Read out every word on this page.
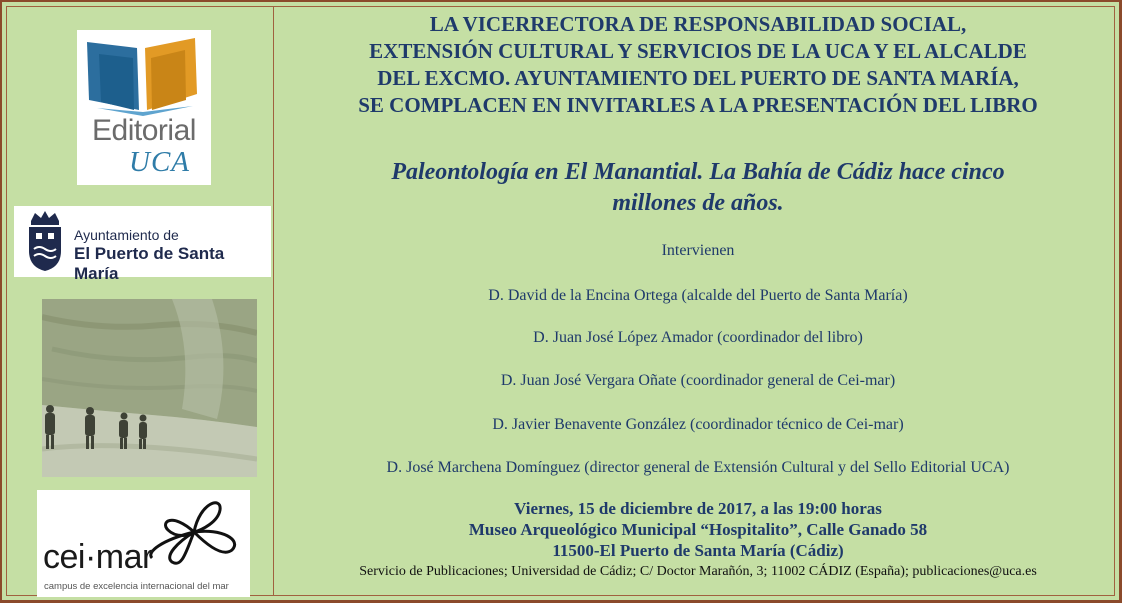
Editorial
UCA
Ayuntamiento de
El Puerto de Santa María
cei·mar
campus de excelencia internacional del mar
LA VICERRECTORA DE RESPONSABILIDAD SOCIAL,
EXTENSIÓN CULTURAL Y SERVICIOS DE LA UCA Y EL ALCALDE
DEL EXCMO. AYUNTAMIENTO DEL PUERTO DE SANTA MARÍA,
SE COMPLACEN EN INVITARLES A LA PRESENTACIÓN DEL LIBRO
Paleontología en El Manantial. La Bahía de Cádiz hace cinco
millones de años.
Intervienen
D. David de la Encina Ortega (alcalde del Puerto de Santa María)
D. Juan José López Amador (coordinador del libro)
D. Juan José Vergara Oñate (coordinador general de Cei-mar)
D. Javier Benavente González (coordinador técnico de Cei-mar)
D. José Marchena Domínguez (director general de Extensión Cultural y del Sello Editorial UCA)
Viernes, 15 de diciembre de 2017, a las 19:00 horas
Museo Arqueológico Municipal “Hospitalito”, Calle Ganado 58
11500-El Puerto de Santa María (Cádiz)
Servicio de Publicaciones; Universidad de Cádiz; C/ Doctor Marañón, 3; 11002 CÁDIZ (España); publicaciones@uca.es
